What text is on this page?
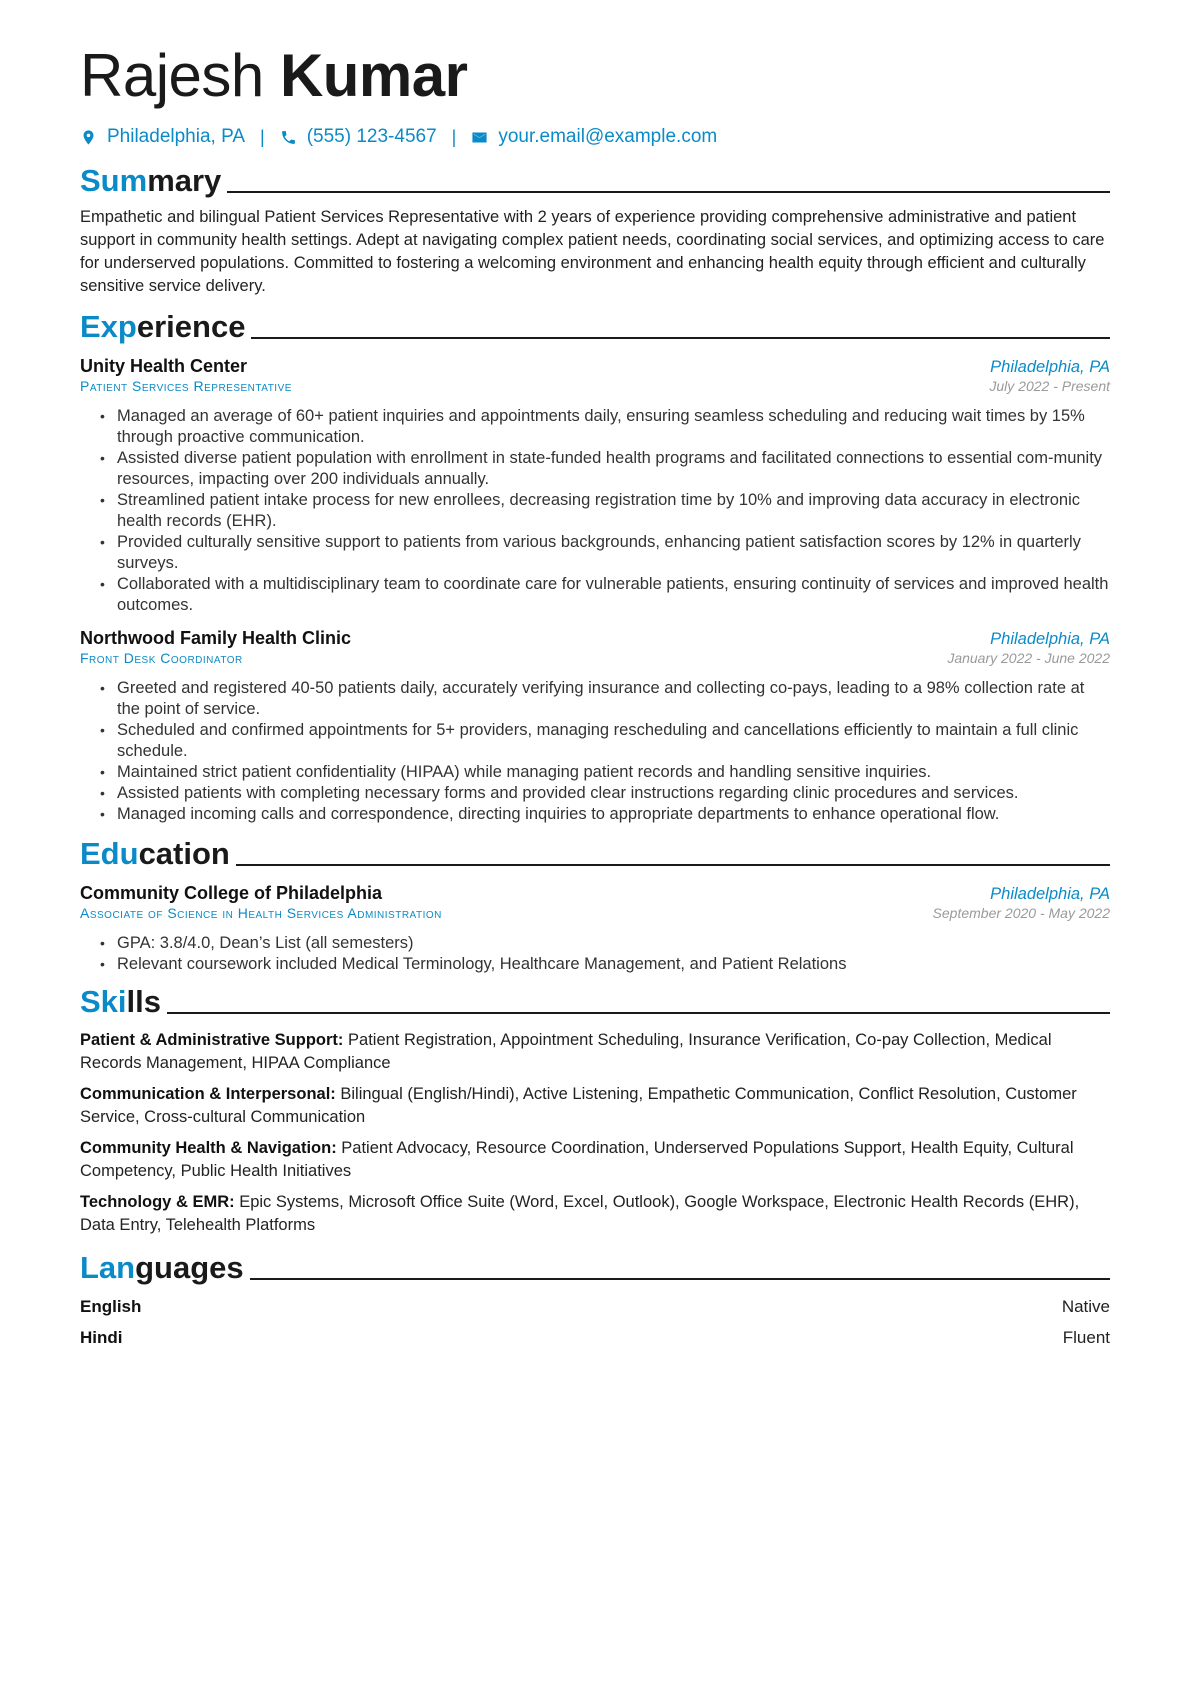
Rajesh Kumar
Philadelphia, PA | (555) 123-4567 | your.email@example.com
Summary

Empathetic and bilingual Patient Services Representative with 2 years of experience providing comprehensive administrative and patient support in community health settings. Adept at navigating complex patient needs, coordinating social services, and optimizing access to care for underserved populations. Committed to fostering a welcoming environment and enhancing health equity through efficient and culturally sensitive service delivery.

Experience
Unity Health Center	Philadelphia, PA
Patient Services Representative	July 2022 - Present
• Managed an average of 60+ patient inquiries and appointments daily, ensuring seamless scheduling and reducing wait times by 15% through proactive communication.
• Assisted diverse patient population with enrollment in state-funded health programs and facilitated connections to essential com-munity resources, impacting over 200 individuals annually.
• Streamlined patient intake process for new enrollees, decreasing registration time by 10% and improving data accuracy in electronic health records (EHR).
• Provided culturally sensitive support to patients from various backgrounds, enhancing patient satisfaction scores by 12% in quarterly surveys.
• Collaborated with a multidisciplinary team to coordinate care for vulnerable patients, ensuring continuity of services and improved health outcomes.
Northwood Family Health Clinic	Philadelphia, PA
Front Desk Coordinator	January 2022 - June 2022
• Greeted and registered 40-50 patients daily, accurately verifying insurance and collecting co-pays, leading to a 98% collection rate at the point of service.
• Scheduled and confirmed appointments for 5+ providers, managing rescheduling and cancellations efficiently to maintain a full clinic schedule.
• Maintained strict patient confidentiality (HIPAA) while managing patient records and handling sensitive inquiries.
• Assisted patients with completing necessary forms and provided clear instructions regarding clinic procedures and services.
• Managed incoming calls and correspondence, directing inquiries to appropriate departments to enhance operational flow.
Education
Community College of Philadelphia	Philadelphia, PA
Associate of Science in Health Services Administration	September 2020 - May 2022
• GPA: 3.8/4.0, Dean’s List (all semesters)
• Relevant coursework included Medical Terminology, Healthcare Management, and Patient Relations
Skills
Patient & Administrative Support: Patient Registration, Appointment Scheduling, Insurance Verification, Co-pay Collection, Medical Records Management, HIPAA Compliance
Communication & Interpersonal: Bilingual (English/Hindi), Active Listening, Empathetic Communication, Conflict Resolution, Customer Service, Cross-cultural Communication
Community Health & Navigation: Patient Advocacy, Resource Coordination, Underserved Populations Support, Health Equity, Cultural Competency, Public Health Initiatives
Technology & EMR: Epic Systems, Microsoft Office Suite (Word, Excel, Outlook), Google Workspace, Electronic Health Records (EHR), Data Entry, Telehealth Platforms
Languages
English	Native
Hindi	Fluent
